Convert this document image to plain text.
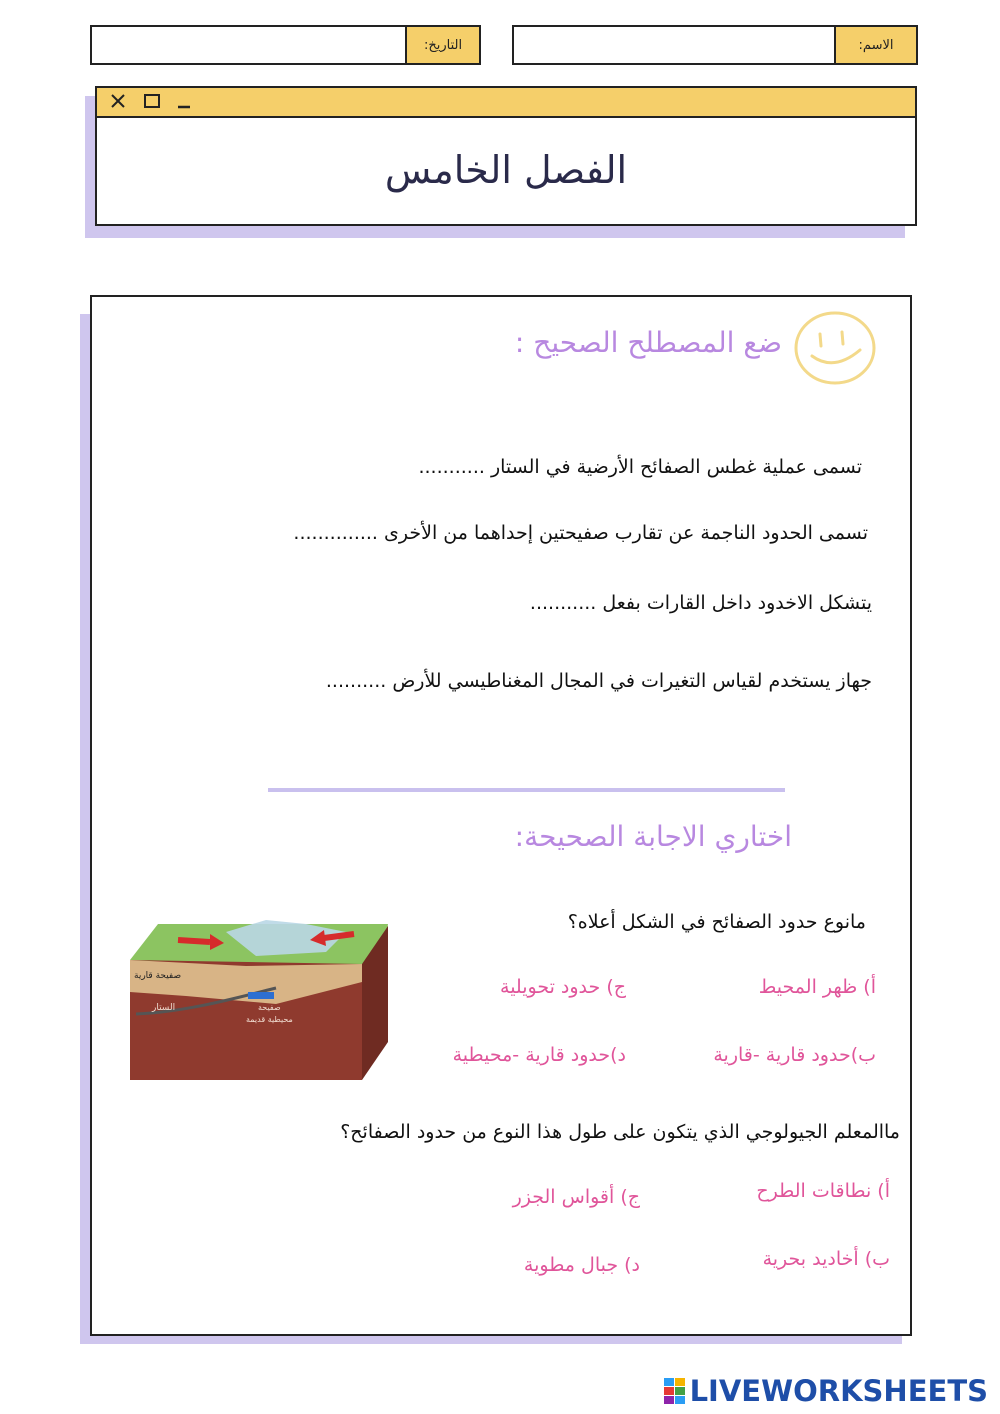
التاريخ:	الاسم:
الفصل الخامس
ضع المصطلح الصحيح :
تسمى عملية غطس الصفائح الأرضية في الستار ...........
تسمى الحدود الناجمة عن تقارب صفيحتين إحداهما من الأخرى ..............
يتشكل الاخدود داخل القارات بفعل ...........
جهاز يستخدم لقياس التغيرات في المجال المغناطيسي للأرض ..........
اختاري الاجابة الصحيحة:
صفيحة قارية
الستار	صفيحة
محيطية قديمة
مانوع حدود الصفائح في الشكل أعلاه؟
أ) ظهر المحيط
ج) حدود تحويلية
ب)حدود قارية -قارية
د)حدود قارية -محيطية
ماالمعلم الجيولوجي الذي يتكون على طول هذا النوع من حدود الصفائح؟
أ) نطاقات الطرح
ج) أقواس الجزر
ب) أخاديد بحرية
د) جبال مطوية
LIVEWORKSHEETS
